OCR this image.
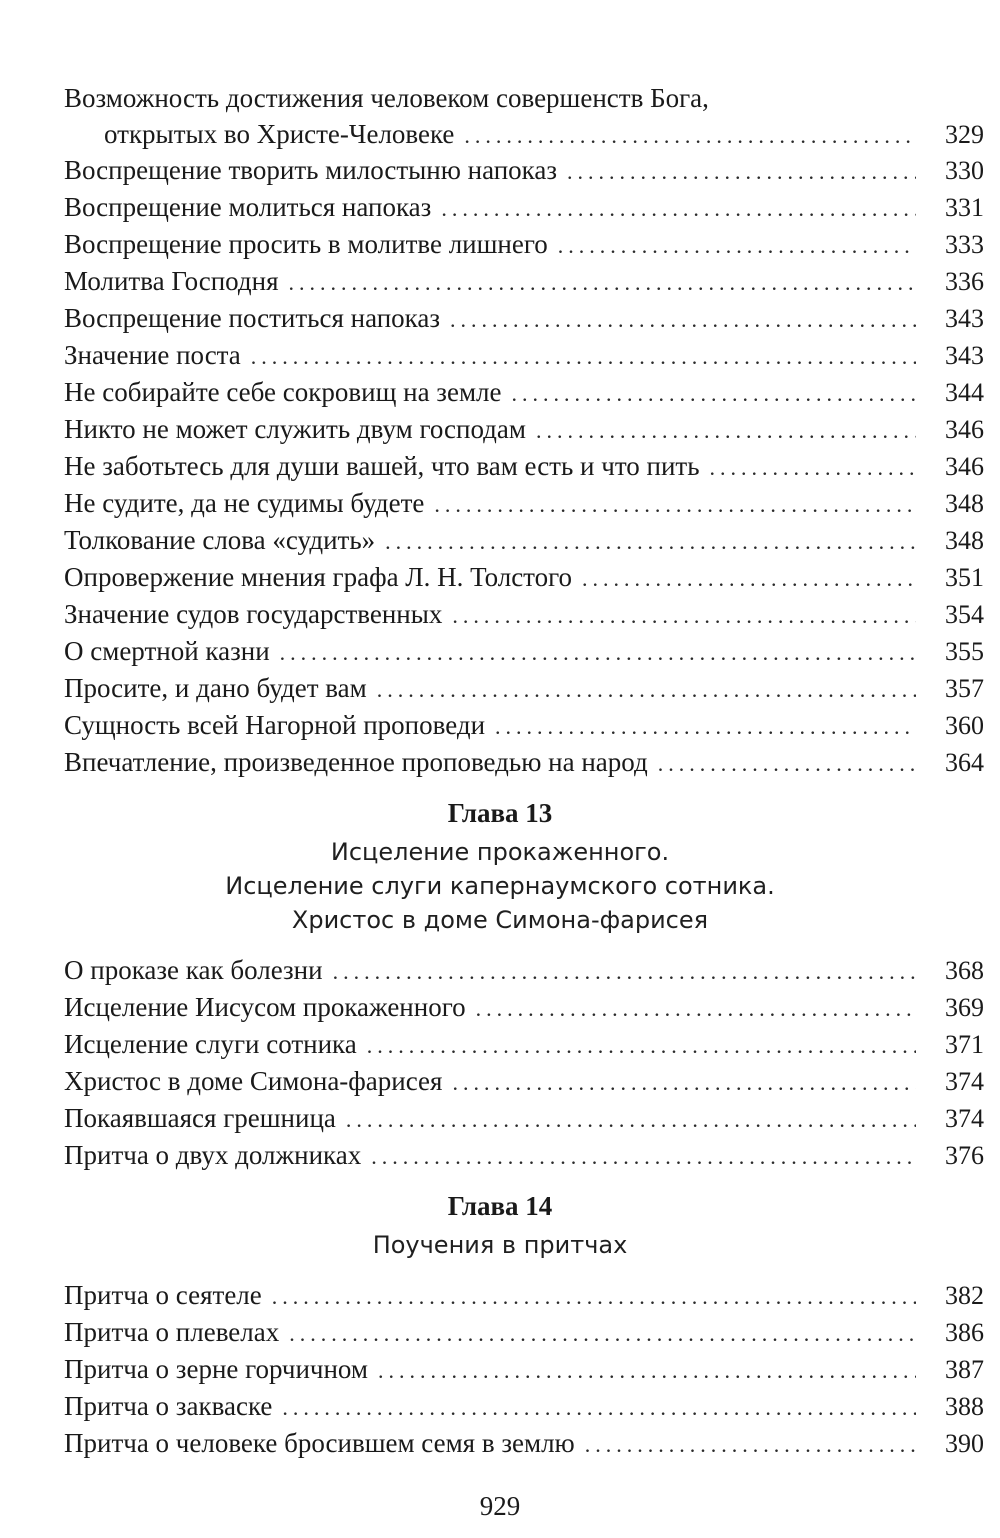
Возможность достижения человеком совершенств Бога,
открытых во Христе-Человеке .....	329
Воспрещение творить милостыню напоказ .....	330
Воспрещение молиться напоказ .....	331
Воспрещение просить в молитве лишнего .....	333
Молитва Господня .....	336
Воспрещение поститься напоказ .....	343
Значение поста .....	343
Не собирайте себе сокровищ на земле .....	344
Никто не может служить двум господам .....	346
Не заботьтесь для души вашей, что вам есть и что пить .....	346
Не судите, да не судимы будете .....	348
Толкование слова «судить» .....	348
Опровержение мнения графа Л. Н. Толстого .....	351
Значение судов государственных .....	354
О смертной казни .....	355
Просите, и дано будет вам .....	357
Сущность всей Нагорной проповеди .....	360
Впечатление, произведенное проповедью на народ .....	364
Глава 13
Исцеление прокаженного.
Исцеление слуги капернаумского сотника.
Христос в доме Симона-фарисея
О проказе как болезни .....	368
Исцеление Иисусом прокаженного .....	369
Исцеление слуги сотника .....	371
Христос в доме Симона-фарисея .....	374
Покаявшаяся грешница .....	374
Притча о двух должниках .....	376
Глава 14
Поучения в притчах
Притча о сеятеле .....	382
Притча о плевелах .....	386
Притча о зерне горчичном .....	387
Притча о закваске .....	388
Притча о человеке бросившем семя в землю .....	390
929
